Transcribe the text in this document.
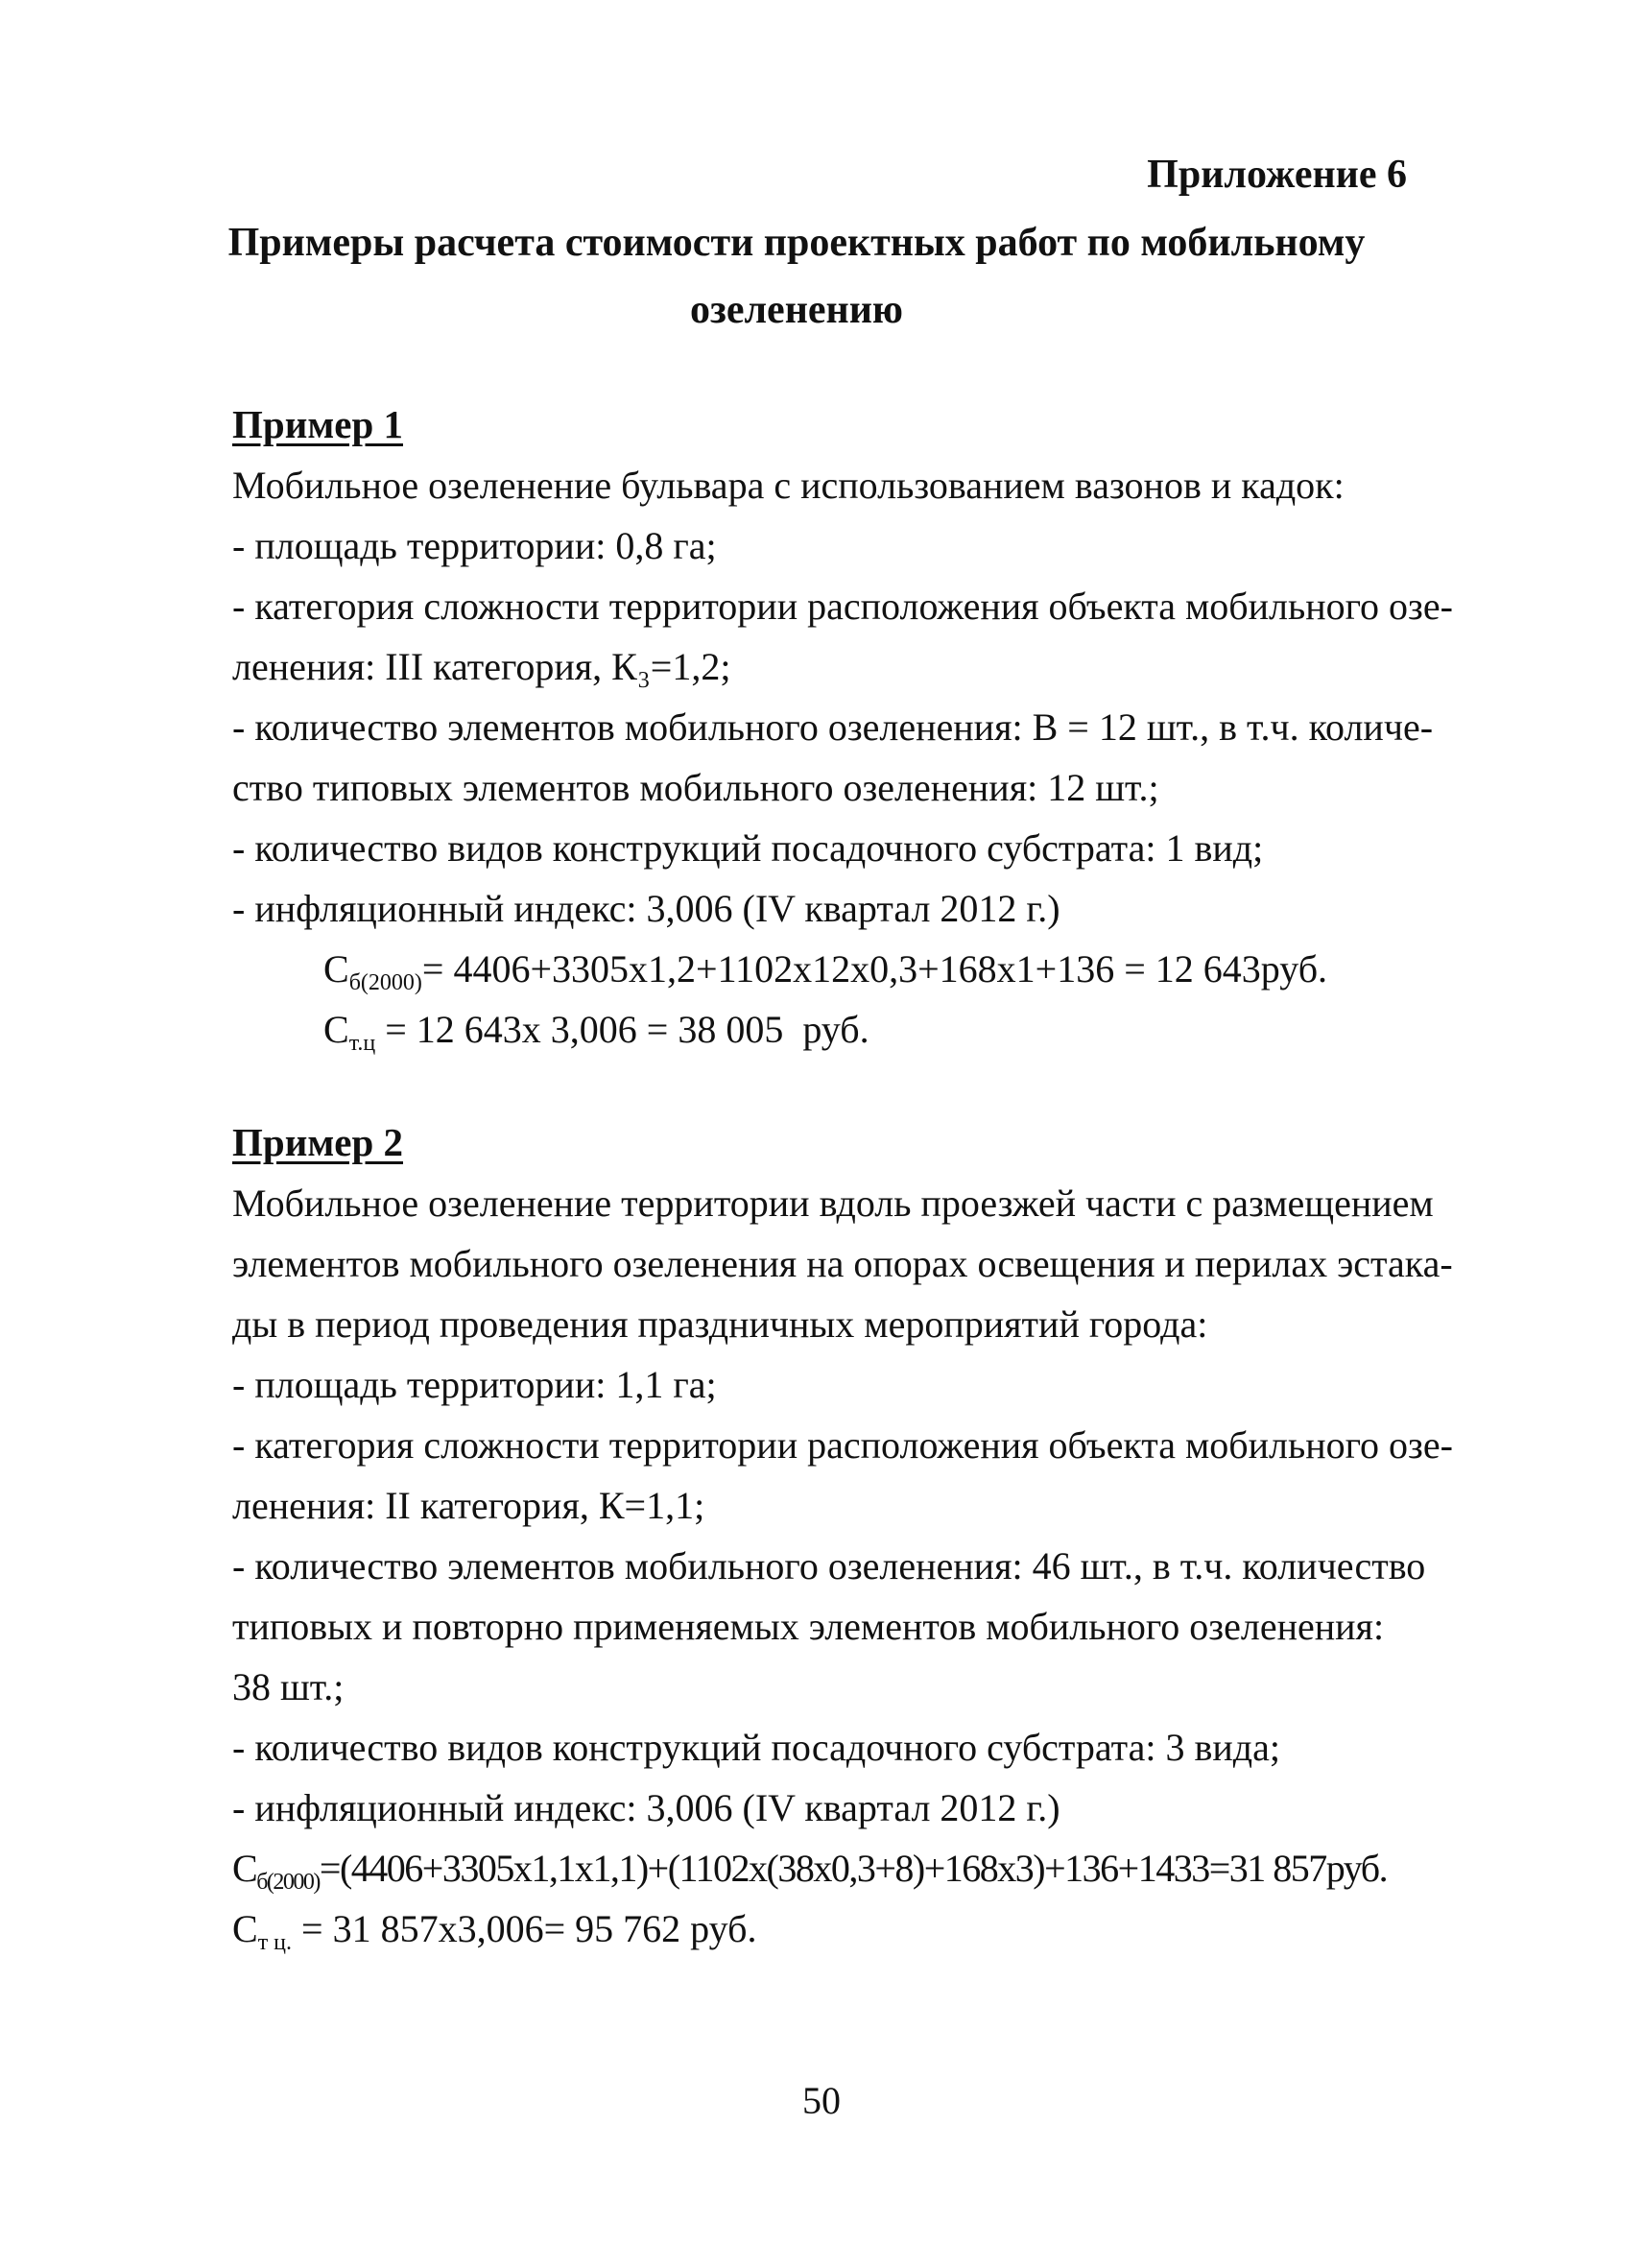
Приложение 6
Примеры расчета стоимости проектных работ по мобильному
озеленению
Пример 1
Мобильное озеленение бульвара с использованием вазонов и кадок:
- площадь территории: 0,8 га;
- категория сложности территории расположения объекта мобильного озе-
ленения: III категория, К₃=1,2;
- количество элементов мобильного озеленения: В = 12 шт., в т.ч. количе-
ство типовых элементов мобильного озеленения: 12 шт.;
- количество видов конструкций посадочного субстрата: 1 вид;
- инфляционный индекс: 3,006 (IV квартал 2012 г.)
$С_{б(2000)}= 4406+3305х1,2+1102х12х0,3+168х1+136 = 12$ 643руб.
$С_{т.ц} = 12$ 643х 3,006 = 38 005  руб.
Пример 2
Мобильное озеленение территории вдоль проезжей части с размещением
элементов мобильного озеленения на опорах освещения и перилах эстака-
ды в период проведения праздничных мероприятий города:
- площадь территории: 1,1 га;
- категория сложности территории расположения объекта мобильного озе-
ленения: II категория, К=1,1;
- количество элементов мобильного озеленения: 46 шт., в т.ч. количество
типовых и повторно применяемых элементов мобильного озеленения:
38 шт.;
- количество видов конструкций посадочного субстрата: 3 вида;
- инфляционный индекс: 3,006 (IV квартал 2012 г.)
$С_{б(2000)}=(4406+3305х1,1х1,1)+(1102х(38х0,3+8)+168х3)+136+1433=31$ 857руб.
$С_{т ц.} = 31$ 857х3,006= 95 762 руб.
50
